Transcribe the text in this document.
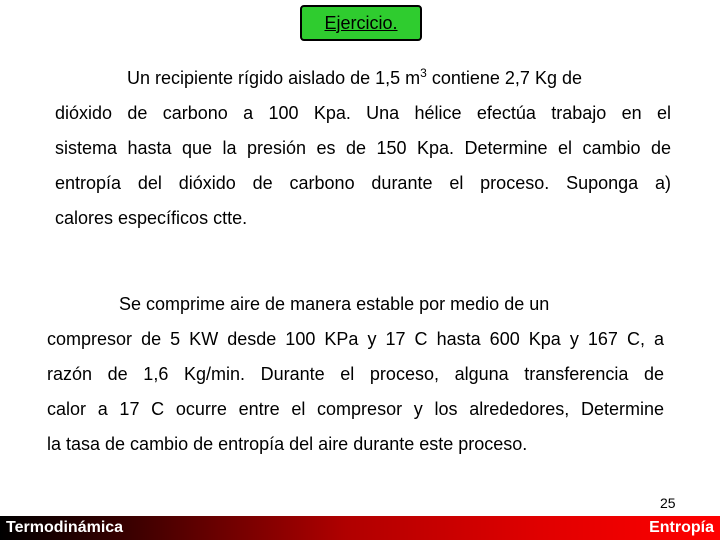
Ejercicio.
Un recipiente rígido aislado de 1,5 $m^3$ contiene 2,7 Kg de
dióxido de carbono a 100 Kpa. Una hélice efectúa trabajo en el
sistema hasta que la presión es de 150 Kpa. Determine el cambio de
entropía del dióxido de carbono durante el proceso. Suponga a)
calores específicos ctte.
Se comprime aire de manera estable por medio de un
compresor de 5 KW desde 100 KPa y 17 C hasta 600 Kpa y 167 C, a
razón de 1,6 Kg/min. Durante el proceso, alguna transferencia de
calor a 17 C ocurre entre el compresor y los alrededores, Determine
la tasa de cambio de entropía del aire durante este proceso.
25
Termodinámica	Entropía
